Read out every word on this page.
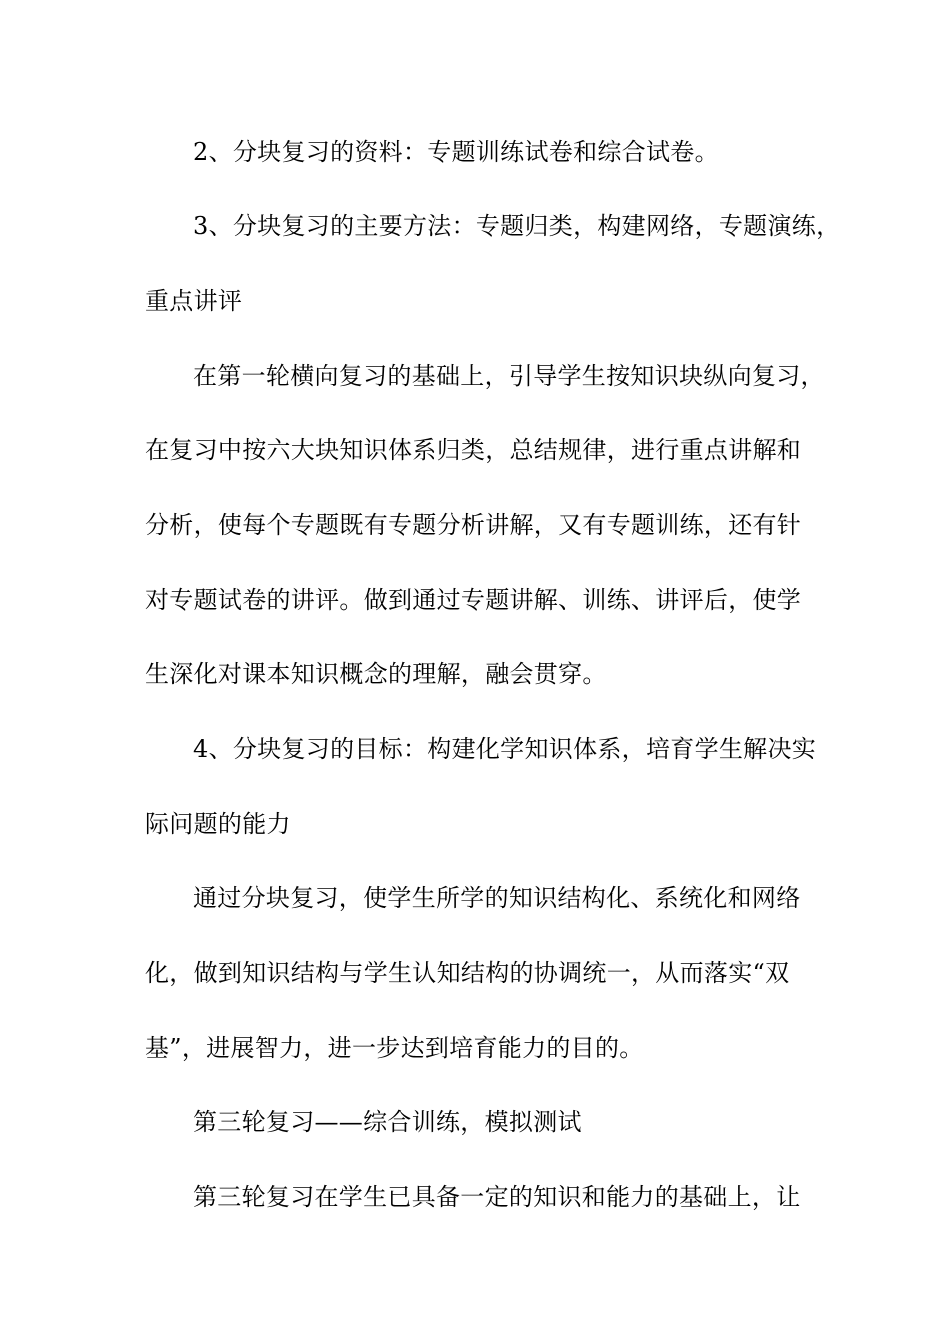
2、分块复习的资料：专题训练试卷和综合试卷。
3、分块复习的主要方法：专题归类，构建网络，专题演练，
重点讲评
在第一轮横向复习的基础上，引导学生按知识块纵向复习，
在复习中按六大块知识体系归类，总结规律，进行重点讲解和
分析，使每个专题既有专题分析讲解，又有专题训练，还有针
对专题试卷的讲评。做到通过专题讲解、训练、讲评后，使学
生深化对课本知识概念的理解，融会贯穿。
4、分块复习的目标：构建化学知识体系，培育学生解决实
际问题的能力
通过分块复习，使学生所学的知识结构化、系统化和网络
化，做到知识结构与学生认知结构的协调统一，从而落实“双
基”，进展智力，进一步达到培育能力的目的。
第三轮复习——综合训练，模拟测试
第三轮复习在学生已具备一定的知识和能力的基础上，让
